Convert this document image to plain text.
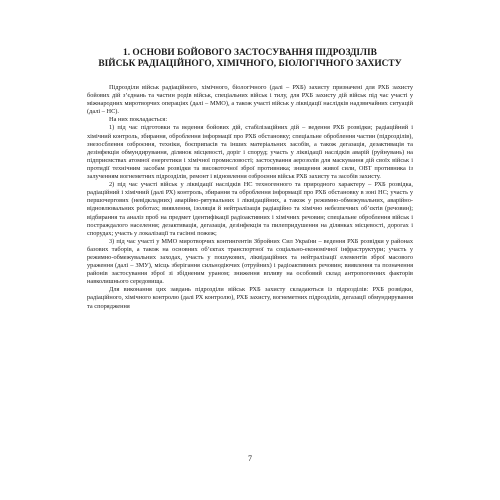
1. ОСНОВИ БОЙОВОГО ЗАСТОСУВАННЯ ПІДРОЗДІЛІВ
ВІЙСЬК РАДІАЦІЙНОГО, ХІМІЧНОГО, БІОЛОГІЧНОГО ЗАХИСТУ

Підрозділи військ радіаційного, хімічного, біологічного (далі – РХБ) захисту призначені для РХБ захисту бойових дій з’єднань та частин родів військ, спеціальних військ і тилу, для РХБ захисту дій військ під час участі у міжнародних миротворчих операціях (далі – ММО), а також участі військ у ліквідації наслідків надзвичайних ситуацій (далі – НС).

На них покладається:

1) під час підготовки та ведення бойових дій, стабілізаційних дій – ведення РХБ розвідки; радіаційний і хімічний контроль, збирання, оброблення інформації про РХБ обстановку; спеціальне оброблення частин (підрозділів), знезосблення озброєння, техніки, боєприпасів та інших матеріальних засобів, а також дегазація, дезактивація та дезінфекція обмундирування, ділянок місцевості, доріг і споруд; участь у ліквідації наслідків аварій (руйнувань) на підприємствах атомної енергетики і хімічної промисловості; застосування аерозолів для маскування дій своїх військ і протидії технічним засобам розвідки та високоточної зброї противника; знищення живої сили, ОВТ противника із залученням вогнеметних підрозділів, ремонт і відновлення озброєння військ РХБ захисту та засобів захисту.

2) під час участі військ у ліквідації наслідків НС техногенного та природного характеру – РХБ розвідка, радіаційний і хімічний (далі РХ) контроль, збирання та оброблення інформації про РХБ обстановку в зоні НС; участь у першочергових (невідкладних) аварійно-рятувальних і ліквідаційних, а також у режимно-обмежувальних, аварійно-відновлювальних роботах; виявлення, ізоляція й нейтралізація радіаційно та хімічно небезпечних об’єктів (речовин); відбирання та аналіз проб на предмет ідентифікації радіоактивних і хімічних речовин; спеціальне оброблення військ і постраждалого населення; дезактивація, дегазація, дезінфекція та пилепридушення на ділянках місцевості, дорогах і спорудах; участь у локалізації та гасінні пожеж;

3) під час участі у ММО миротворчих контингентів Збройних Сил України – ведення РХБ розвідки у районах базових таборів, а також на основних об’єктах транспортної та соціально-економічної інфраструктури; участь у режимно-обмежувальних заходах, участь у пошукових, ліквідаційних та нейтралізації елементів зброї масового ураження (далі – ЗМУ), місць зберігання сильнодіючих (отруйних) і радіоактивних речовин; виявлення та позначення районів застосування зброї зі збідненим ураном; зниження впливу на особовий склад антропогенних факторів навколишнього середовища.

Для виконання цих завдань підрозділи військ РХБ захисту складаються із підрозділів: РХБ розвідки, радіаційного, хімічного контролю (далі РХ контролю), РХБ захисту, вогнеметних підрозділів, дегазації обмундирування та спорядження

7
